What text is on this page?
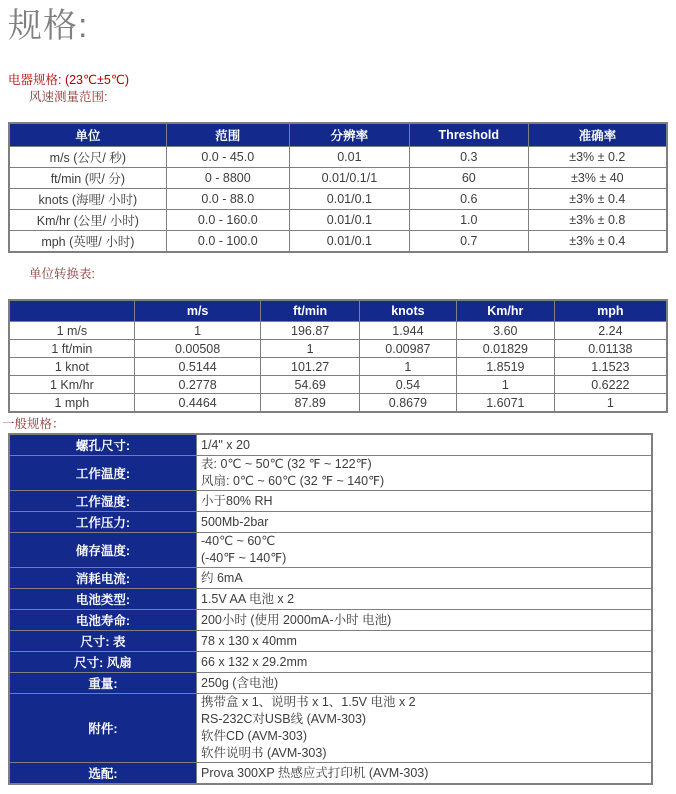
规格:
电器规格: (23℃±5℃)
风速测量范围:
单位	范围	分辨率	Threshold	准确率
m/s (公尺/ 秒)	0.0 - 45.0	0.01	0.3	±3% ± 0.2
ft/min (呎/ 分)	0 - 8800	0.01/0.1/1	60	±3% ± 40
knots (海哩/ 小时)	0.0 - 88.0	0.01/0.1	0.6	±3% ± 0.4
Km/hr (公里/ 小时)	0.0 - 160.0	0.01/0.1	1.0	±3% ± 0.8
mph (英哩/ 小时)	0.0 - 100.0	0.01/0.1	0.7	±3% ± 0.4
单位转换表:
	m/s	ft/min	knots	Km/hr	mph
1 m/s	1	196.87	1.944	3.60	2.24
1 ft/min	0.00508	1	0.00987	0.01829	0.01138
1 knot	0.5144	101.27	1	1.8519	1.1523
1 Km/hr	0.2778	54.69	0.54	1	0.6222
1 mph	0.4464	87.89	0.8679	1.6071	1
一般规格：
螺孔尺寸:	1/4" x 20

工作温度:	表: 0℃ ~ 50℃ (32 ℉ ~ 122℉)
风扇: 0℃ ~ 60℃ (32 ℉ ~ 140℉)

工作湿度:	小于80% RH

工作压力:	500Mb-2bar

储存温度:	-40℃ ~ 60℃
(-40℉ ~ 140℉)

消耗电流:	约 6mA

电池类型:	1.5V AA 电池 x 2

电池寿命:	200小时 (使用 2000mA-小时 电池)

尺寸: 表	78 x 130 x 40mm

尺寸: 风扇	66 x 132 x 29.2mm

重量:	250g (含电池)

附件:	携带盒 x 1、说明书 x 1、1.5V 电池 x 2
RS-232C对USB线 (AVM-303)
软件CD (AVM-303)
软件说明书 (AVM-303)

选配:	Prova 300XP 热感应式打印机 (AVM-303)
